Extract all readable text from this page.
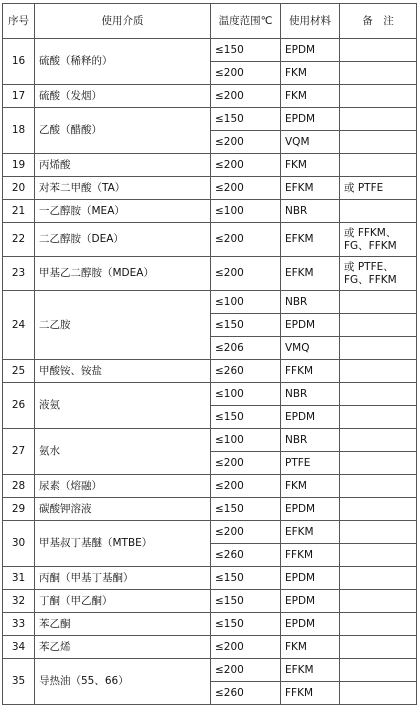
序号	使用介质	温度范围℃	使用材料	备　注
16	硫酸（稀释的）	≤150	EPDM	
		≤200	FKM	
17	硫酸（发烟）	≤200	FKM	
18	乙酸（醋酸）	≤150	EPDM	
		≤200	VQM	
19	丙烯酸	≤200	FKM	
20	对苯二甲酸（TA）	≤200	EFKM	或 PTFE
21	一乙醇胺（MEA）	≤100	NBR	
22	二乙醇胺（DEA）	≤200	EFKM	或 FFKM、FG、FFKM
23	甲基乙二醇胺（MDEA）	≤200	EFKM	或 PTFE、FG、FFKM
24	二乙胺	≤100	NBR	
		≤150	EPDM	
		≤206	VMQ	
25	甲酸铵、铵盐	≤260	FFKM	
26	液氨	≤100	NBR	
		≤150	EPDM	
27	氨水	≤100	NBR	
		≤200	PTFE	
28	尿素（熔融）	≤200	FKM	
29	碳酸钾溶液	≤150	EPDM	
30	甲基叔丁基醚（MTBE）	≤200	EFKM	
		≤260	FFKM	
31	丙酮（甲基丁基酮）	≤150	EPDM	
32	丁酮（甲乙酮）	≤150	EPDM	
33	苯乙酮	≤150	EPDM	
34	苯乙烯	≤200	FKM	
35	导热油（55、66）	≤200	EFKM	
		≤260	FFKM	
